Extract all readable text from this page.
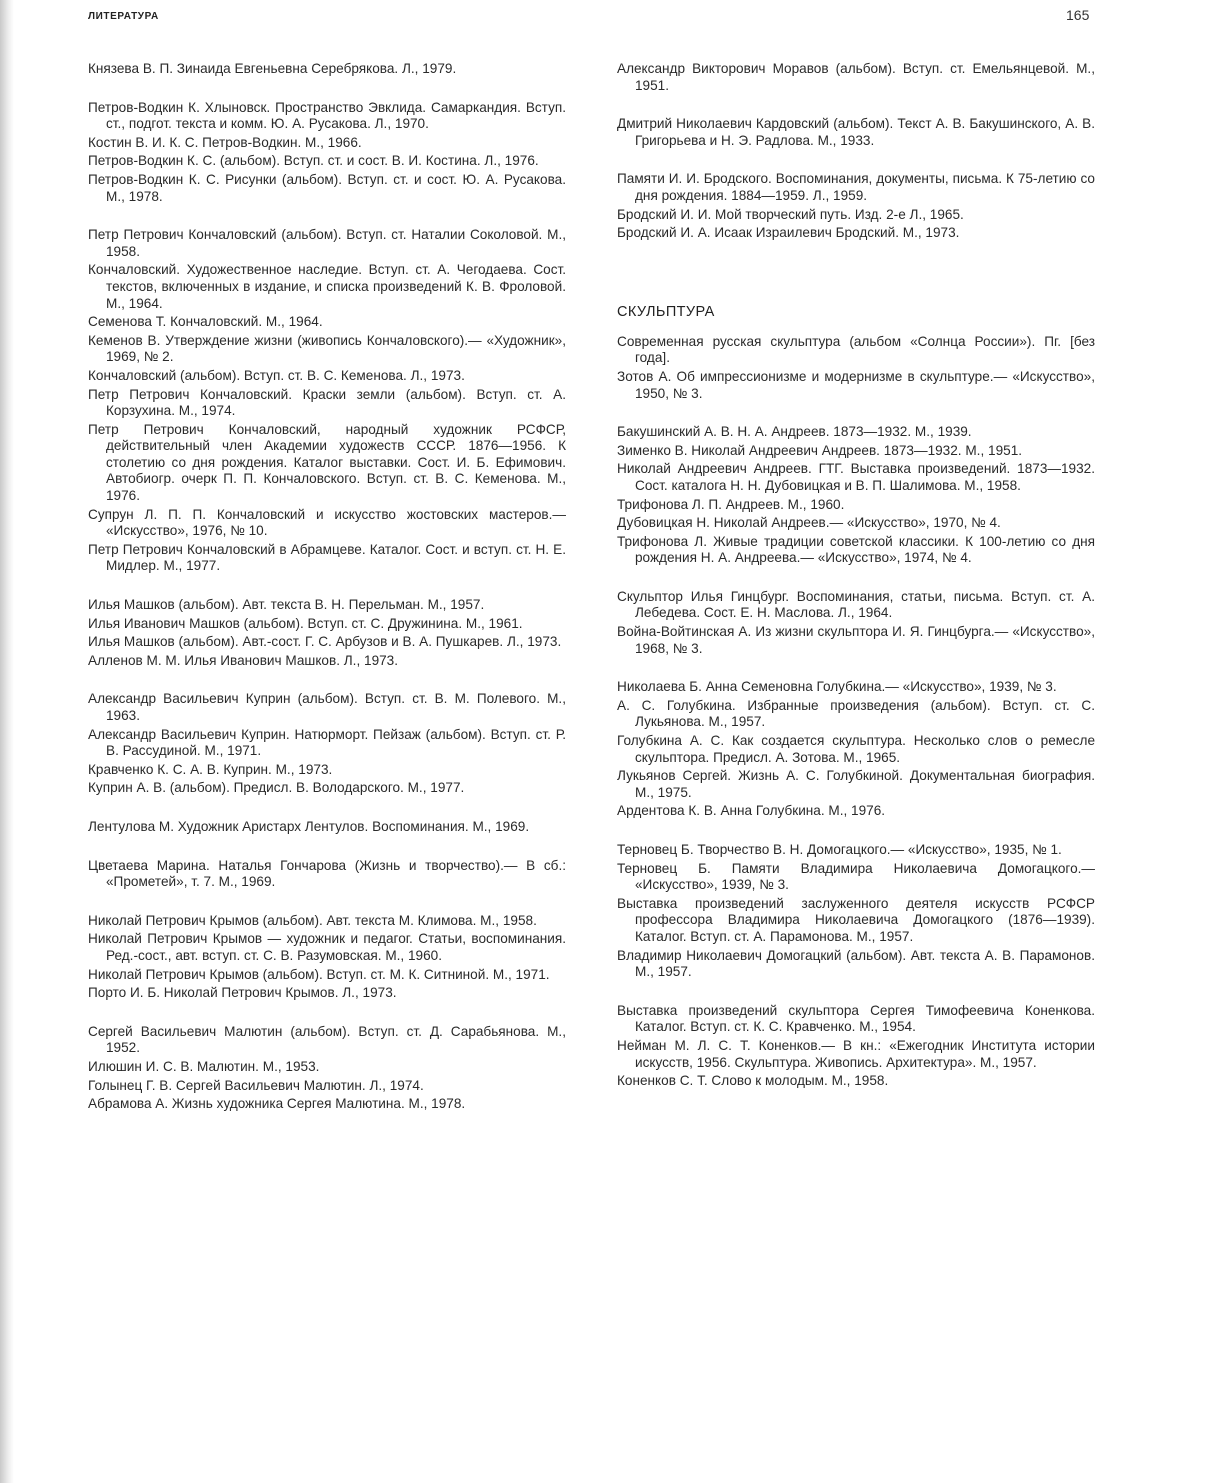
ЛИТЕРАТУРА	165

Князева В. П. Зинаида Евгеньевна Серебрякова. Л., 1979.

Петров-Водкин К. Хлыновск. Пространство Эвклида. Самаркандия. Вступ. ст., подгот. текста и комм. Ю. А. Русакова. Л., 1970.

Костин В. И. К. С. Петров-Водкин. М., 1966.

Петров-Водкин К. С. (альбом). Вступ. ст. и сост. В. И. Костина. Л., 1976.

Петров-Водкин К. С. Рисунки (альбом). Вступ. ст. и сост. Ю. А. Русакова. М., 1978.

Петр Петрович Кончаловский (альбом). Вступ. ст. Наталии Соколовой. М., 1958.

Кончаловский. Художественное наследие. Вступ. ст. А. Чегодаева. Сост. текстов, включенных в издание, и списка произведений К. В. Фроловой. М., 1964.

Семенова Т. Кончаловский. М., 1964.

Кеменов В. Утверждение жизни (живопись Кончаловского).— «Художник», 1969, № 2.

Кончаловский (альбом). Вступ. ст. В. С. Кеменова. Л., 1973.

Петр Петрович Кончаловский. Краски земли (альбом). Вступ. ст. А. Корзухина. М., 1974.

Петр Петрович Кончаловский, народный художник РСФСР, действительный член Академии художеств СССР. 1876—1956. К столетию со дня рождения. Каталог выставки. Сост. И. Б. Ефимович. Автобиогр. очерк П. П. Кончаловского. Вступ. ст. В. С. Кеменова. М., 1976.

Супрун Л. П. П. Кончаловский и искусство жостовских мастеров.— «Искусство», 1976, № 10.

Петр Петрович Кончаловский в Абрамцеве. Каталог. Сост. и вступ. ст. Н. Е. Мидлер. М., 1977.

Илья Машков (альбом). Авт. текста В. Н. Перельман. М., 1957.

Илья Иванович Машков (альбом). Вступ. ст. С. Дружинина. М., 1961.

Илья Машков (альбом). Авт.-сост. Г. С. Арбузов и В. А. Пушкарев. Л., 1973.

Алленов М. М. Илья Иванович Машков. Л., 1973.

Александр Васильевич Куприн (альбом). Вступ. ст. В. М. Полевого. М., 1963.

Александр Васильевич Куприн. Натюрморт. Пейзаж (альбом). Вступ. ст. Р. В. Рассудиной. М., 1971.

Кравченко К. С. А. В. Куприн. М., 1973.

Куприн А. В. (альбом). Предисл. В. Володарского. М., 1977.

Лентулова М. Художник Аристарх Лентулов. Воспоминания. М., 1969.

Цветаева Марина. Наталья Гончарова (Жизнь и творчество).— В сб.: «Прометей», т. 7. М., 1969.

Николай Петрович Крымов (альбом). Авт. текста М. Климова. М., 1958.

Николай Петрович Крымов — художник и педагог. Статьи, воспоминания. Ред.-сост., авт. вступ. ст. С. В. Разумовская. М., 1960.

Николай Петрович Крымов (альбом). Вступ. ст. М. К. Ситниной. М., 1971.

Порто И. Б. Николай Петрович Крымов. Л., 1973.

Сергей Васильевич Малютин (альбом). Вступ. ст. Д. Сарабьянова. М., 1952.

Илюшин И. С. В. Малютин. М., 1953.

Голынец Г. В. Сергей Васильевич Малютин. Л., 1974.

Абрамова А. Жизнь художника Сергея Малютина. М., 1978.

Александр Викторович Моравов (альбом). Вступ. ст. Емельянцевой. М., 1951.

Дмитрий Николаевич Кардовский (альбом). Текст А. В. Бакушинского, А. В. Григорьева и Н. Э. Радлова. М., 1933.

Памяти И. И. Бродского. Воспоминания, документы, письма. К 75-летию со дня рождения. 1884—1959. Л., 1959.

Бродский И. И. Мой творческий путь. Изд. 2-е Л., 1965.

Бродский И. А. Исаак Израилевич Бродский. М., 1973.

СКУЛЬПТУРА

Современная русская скульптура (альбом «Солнца России»). Пг. [без года].

Зотов А. Об импрессионизме и модернизме в скульптуре.— «Искусство», 1950, № 3.

Бакушинский А. В. Н. А. Андреев. 1873—1932. М., 1939.

Зименко В. Николай Андреевич Андреев. 1873—1932. М., 1951.

Николай Андреевич Андреев. ГТГ. Выставка произведений. 1873—1932. Сост. каталога Н. Н. Дубовицкая и В. П. Шалимова. М., 1958.

Трифонова Л. П. Андреев. М., 1960.

Дубовицкая Н. Николай Андреев.— «Искусство», 1970, № 4.

Трифонова Л. Живые традиции советской классики. К 100-летию со дня рождения Н. А. Андреева.— «Искусство», 1974, № 4.

Скульптор Илья Гинцбург. Воспоминания, статьи, письма. Вступ. ст. А. Лебедева. Сост. Е. Н. Маслова. Л., 1964.

Война-Войтинская А. Из жизни скульптора И. Я. Гинцбурга.— «Искусство», 1968, № 3.

Николаева Б. Анна Семеновна Голубкина.— «Искусство», 1939, № 3.

А. С. Голубкина. Избранные произведения (альбом). Вступ. ст. С. Лукьянова. М., 1957.

Голубкина А. С. Как создается скульптура. Несколько слов о ремесле скульптора. Предисл. А. Зотова. М., 1965.

Лукьянов Сергей. Жизнь А. С. Голубкиной. Документальная биография. М., 1975.

Ардентова К. В. Анна Голубкина. М., 1976.

Терновец Б. Творчество В. Н. Домогацкого.— «Искусство», 1935, № 1.

Терновец Б. Памяти Владимира Николаевича Домогацкого.— «Искусство», 1939, № 3.

Выставка произведений заслуженного деятеля искусств РСФСР профессора Владимира Николаевича Домогацкого (1876—1939). Каталог. Вступ. ст. А. Парамонова. М., 1957.

Владимир Николаевич Домогацкий (альбом). Авт. текста А. В. Парамонов. М., 1957.

Выставка произведений скульптора Сергея Тимофеевича Коненкова. Каталог. Вступ. ст. К. С. Кравченко. М., 1954.

Нейман М. Л. С. Т. Коненков.— В кн.: «Ежегодник Института истории искусств, 1956. Скульптура. Живопись. Архитектура». М., 1957.

Коненков С. Т. Слово к молодым. М., 1958.
